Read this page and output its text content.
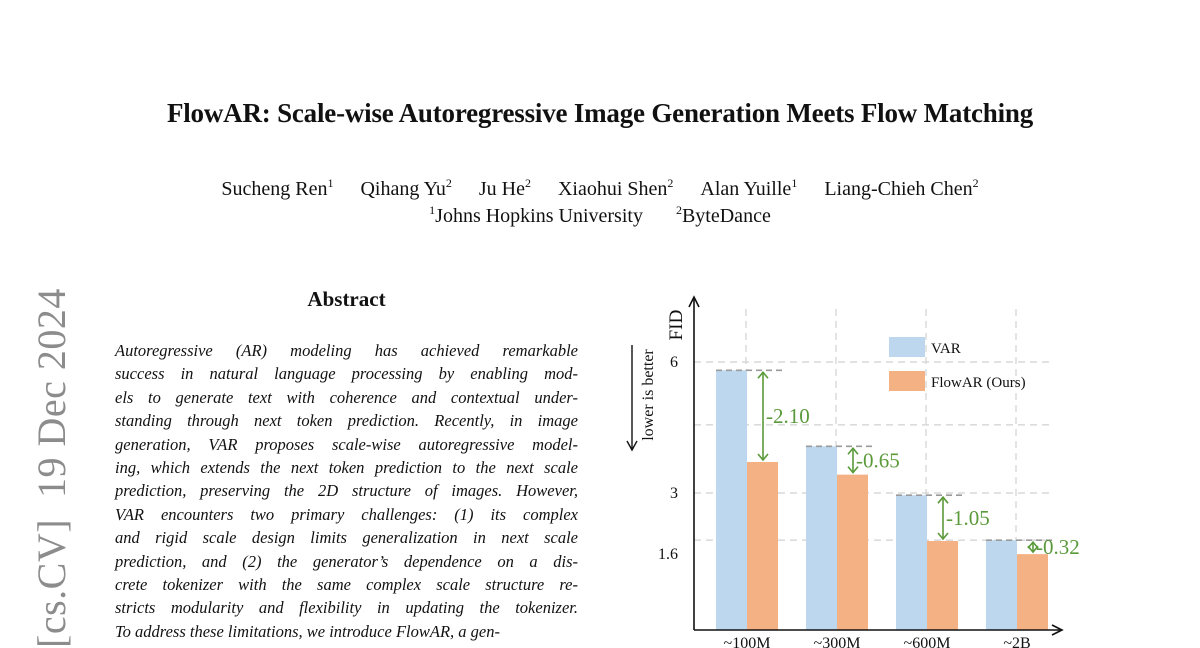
FlowAR: Scale-wise Autoregressive Image Generation Meets Flow Matching
Sucheng Ren$^1$ Qihang Yu$^2$ Ju He$^2$ Xiaohui Shen$^2$ Alan Yuille$^1$ Liang-Chieh Chen$^2$
$^1$Johns Hopkins University	$^2$ByteDance
[cs.CV]  19 Dec 2024	Abstract
Autoregressive (AR) modeling has achieved remarkable
success in natural language processing by enabling mod-
els to generate text with coherence and contextual under-
standing through next token prediction. Recently, in image
generation, VAR proposes scale-wise autoregressive model-
ing, which extends the next token prediction to the next scale
prediction, preserving the 2D structure of images. However,
VAR encounters two primary challenges: (1) its complex
and rigid scale design limits generalization in next scale
prediction, and (2) the generator’s dependence on a dis-
crete tokenizer with the same complex scale structure re-
stricts modularity and flexibility in updating the tokenizer.
To address these limitations, we introduce FlowAR, a gen-
-2.10
~100M
-0.65
~300M
-1.05
~600M
-0.32
~2B
6
3
1.6
FID
lower is better
VAR
FlowAR (Ours)
